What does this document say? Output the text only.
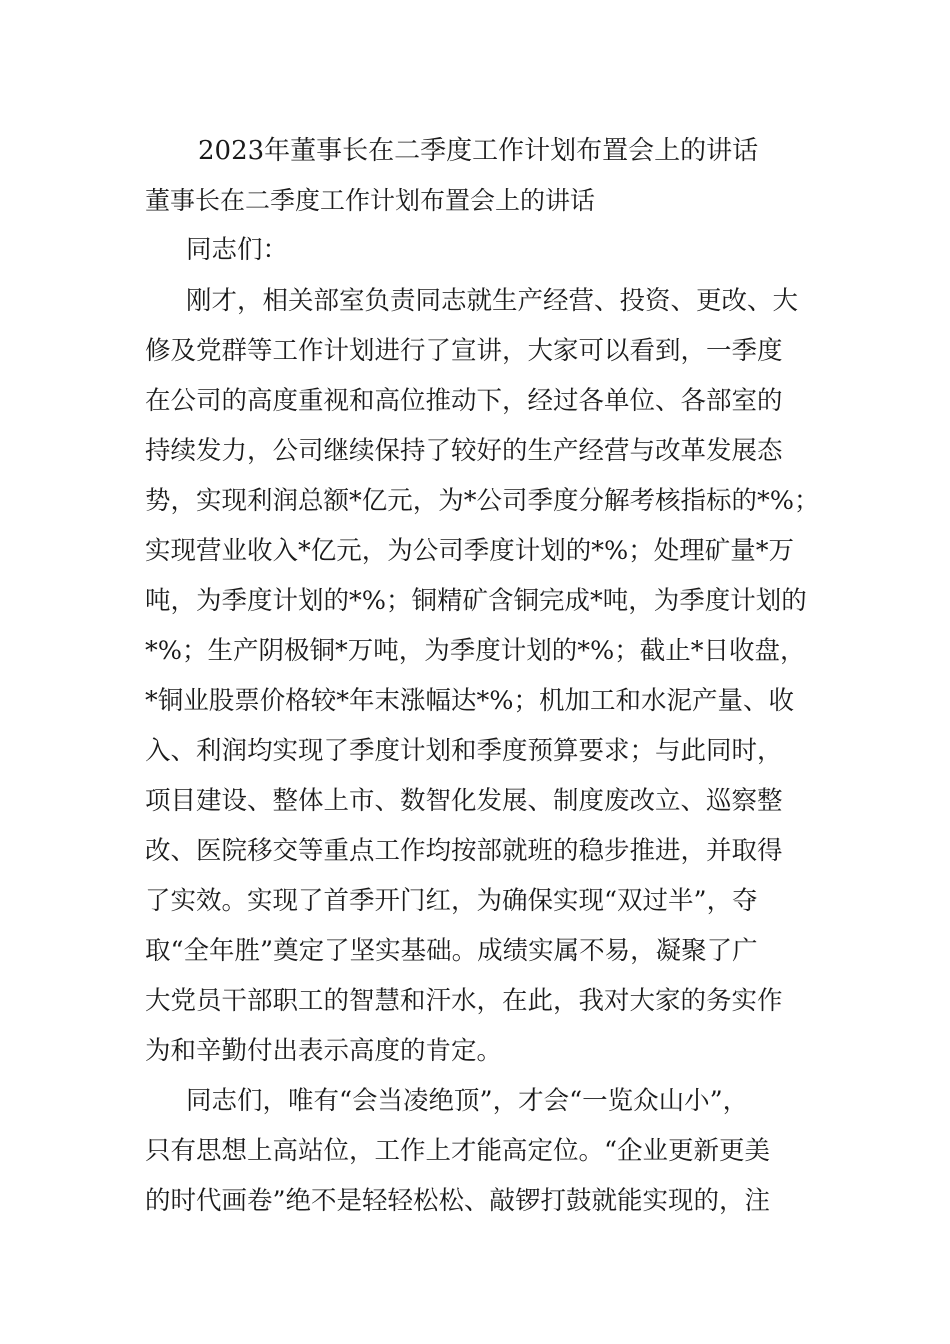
2023年董事长在二季度工作计划布置会上的讲话
董事长在二季度工作计划布置会上的讲话
同志们：
刚才，相关部室负责同志就生产经营、投资、更改、大
修及党群等工作计划进行了宣讲，大家可以看到，一季度
在公司的高度重视和高位推动下，经过各单位、各部室的
持续发力，公司继续保持了较好的生产经营与改革发展态
势，实现利润总额*亿元，为*公司季度分解考核指标的*%；
实现营业收入*亿元，为公司季度计划的*%；处理矿量*万
吨，为季度计划的*%；铜精矿含铜完成*吨，为季度计划的
*%；生产阴极铜*万吨，为季度计划的*%；截止*日收盘，
*铜业股票价格较*年末涨幅达*%；机加工和水泥产量、收
入、利润均实现了季度计划和季度预算要求；与此同时，
项目建设、整体上市、数智化发展、制度废改立、巡察整
改、医院移交等重点工作均按部就班的稳步推进，并取得
了实效。实现了首季开门红，为确保实现“双过半”，夺
取“全年胜”奠定了坚实基础。成绩实属不易，凝聚了广
大党员干部职工的智慧和汗水，在此，我对大家的务实作
为和辛勤付出表示高度的肯定。
同志们，唯有“会当凌绝顶”，才会“一览众山小”，
只有思想上高站位，工作上才能高定位。“企业更新更美
的时代画卷”绝不是轻轻松松、敲锣打鼓就能实现的，注
